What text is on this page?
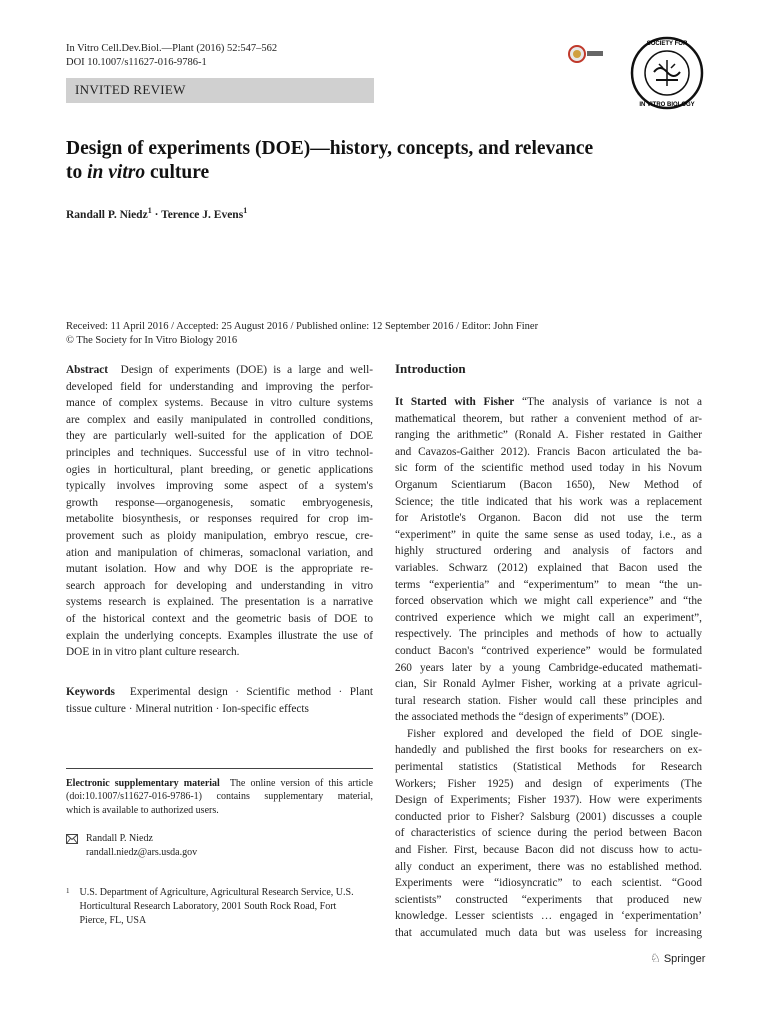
In Vitro Cell.Dev.Biol.—Plant (2016) 52:547–562
DOI 10.1007/s11627-016-9786-1
INVITED REVIEW
SOCIETY FOR
IN VITRO BIOLOGY
Design of experiments (DOE)—history, concepts, and relevance
to in vitro culture
Randall P. Niedz$^1$ · Terence J. Evens$^1$
Received: 11 April 2016 / Accepted: 25 August 2016 / Published online: 12 September 2016 / Editor: John Finer
© The Society for In Vitro Biology 2016
Abstract  Design of experiments (DOE) is a large and well-
developed field for understanding and improving the perfor-
mance of complex systems. Because in vitro culture systems
are complex and easily manipulated in controlled conditions,
they are particularly well-suited for the application of DOE
principles and techniques. Successful use of in vitro technol-
ogies in horticultural, plant breeding, or genetic applications
typically involves improving some aspect of a system's
growth response—organogenesis, somatic embryogenesis,
metabolite biosynthesis, or responses required for crop im-
provement such as ploidy manipulation, embryo rescue, cre-
ation and manipulation of chimeras, somaclonal variation, and
mutant isolation. How and why DOE is the appropriate re-
search approach for developing and understanding in vitro
systems research is explained. The presentation is a narrative
of the historical context and the geometric basis of DOE to
explain the underlying concepts. Examples illustrate the use of
DOE in in vitro plant culture research.
Keywords Experimental design · Scientific method · Plant
tissue culture · Mineral nutrition · Ion-specific effects
Electronic supplementary material The online version of this article
(doi:10.1007/s11627-016-9786-1) contains supplementary material,
which is available to authorized users.
Randall P. Niedz
randall.niedz@ars.usda.gov
1 U.S. Department of Agriculture, Agricultural Research Service, U.S.
Horticultural Research Laboratory, 2001 South Rock Road, Fort
Pierce, FL, USA
Introduction
It Started with Fisher “The analysis of variance is not a
mathematical theorem, but rather a convenient method of ar-
ranging the arithmetic” (Ronald A. Fisher restated in Gaither
and Cavazos-Gaither 2012). Francis Bacon articulated the ba-
sic form of the scientific method used today in his Novum
Organum Scientiarum (Bacon 1650), New Method of
Science; the title indicated that his work was a replacement
for Aristotle's Organon. Bacon did not use the term
“experiment” in quite the same sense as used today, i.e., as a
highly structured ordering and analysis of factors and
variables. Schwarz (2012) explained that Bacon used the
terms “experientia” and “experimentum” to mean “the un-
forced observation which we might call experience” and “the
contrived experience which we might call an experiment”,
respectively. The principles and methods of how to actually
conduct Bacon's “contrived experience” would be formulated
260 years later by a young Cambridge-educated mathemati-
cian, Sir Ronald Aylmer Fisher, working at a private agricul-
tural research station. Fisher would call these principles and
the associated methods the “design of experiments” (DOE).
Fisher explored and developed the field of DOE single-
handedly and published the first books for researchers on ex-
perimental statistics (Statistical Methods for Research
Workers; Fisher 1925) and design of experiments (The
Design of Experiments; Fisher 1937). How were experiments
conducted prior to Fisher? Salsburg (2001) discusses a couple
of characteristics of science during the period between Bacon
and Fisher. First, because Bacon did not discuss how to actu-
ally conduct an experiment, there was no established method.
Experiments were “idiosyncratic” to each scientist. “Good
scientists” constructed “experiments that produced new
knowledge. Lesser scientists … engaged in ‘experimentation’
that accumulated much data but was useless for increasing
♘ Springer
